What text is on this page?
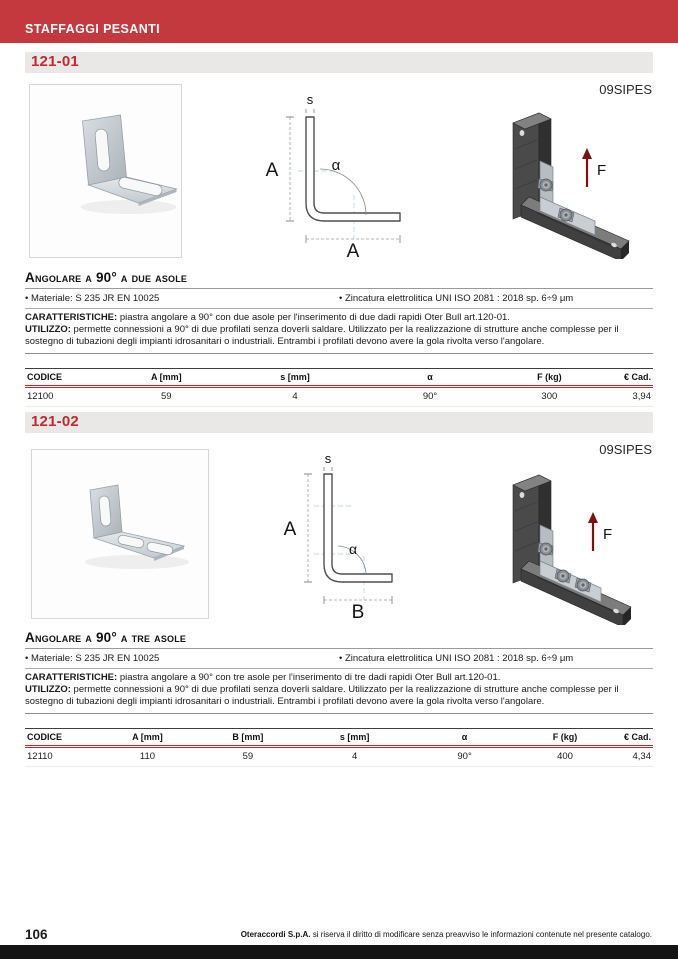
STAFFAGGI PESANTI
121-01
09SIPES
s
A	α
A
F
Angolare a 90° a due asole
• Materiale: S 235 JR EN 10025	• Zincatura elettrolitica UNI ISO 2081 : 2018 sp. 6÷9 μm

CARATTERISTICHE: piastra angolare a 90° con due asole per l'inserimento di due dadi rapidi Oter Bull art.120-01.

UTILIZZO: permette connessioni a 90° di due profilati senza doverli saldare. Utilizzato per la realizzazione di strutture anche complesse per il sostegno di tubazioni degli impianti idrosanitari o industriali. Entrambi i profilati devono avere la gola rivolta verso l'angolare.

CODICE	A [mm]	s [mm]	α	F (kg)	€ Cad.
12100	59	4	90°	300	3,94
121-02
09SIPES
s
A
α
B
F
Angolare a 90° a tre asole
• Materiale: S 235 JR EN 10025	• Zincatura elettrolitica UNI ISO 2081 : 2018 sp. 6÷9 μm

CARATTERISTICHE: piastra angolare a 90° con tre asole per l'inserimento di tre dadi rapidi Oter Bull art.120-01.

UTILIZZO: permette connessioni a 90° di due profilati senza doverli saldare. Utilizzato per la realizzazione di strutture anche complesse per il sostegno di tubazioni degli impianti idrosanitari o industriali. Entrambi i profilati devono avere la gola rivolta verso l'angolare.

CODICE	A [mm]	B [mm]	s [mm]	α	F (kg)	€ Cad.
12110	110	59	4	90°	400	4,34
106	Oteraccordi S.p.A. si riserva il diritto di modificare senza preavviso le informazioni contenute nel presente catalogo.
